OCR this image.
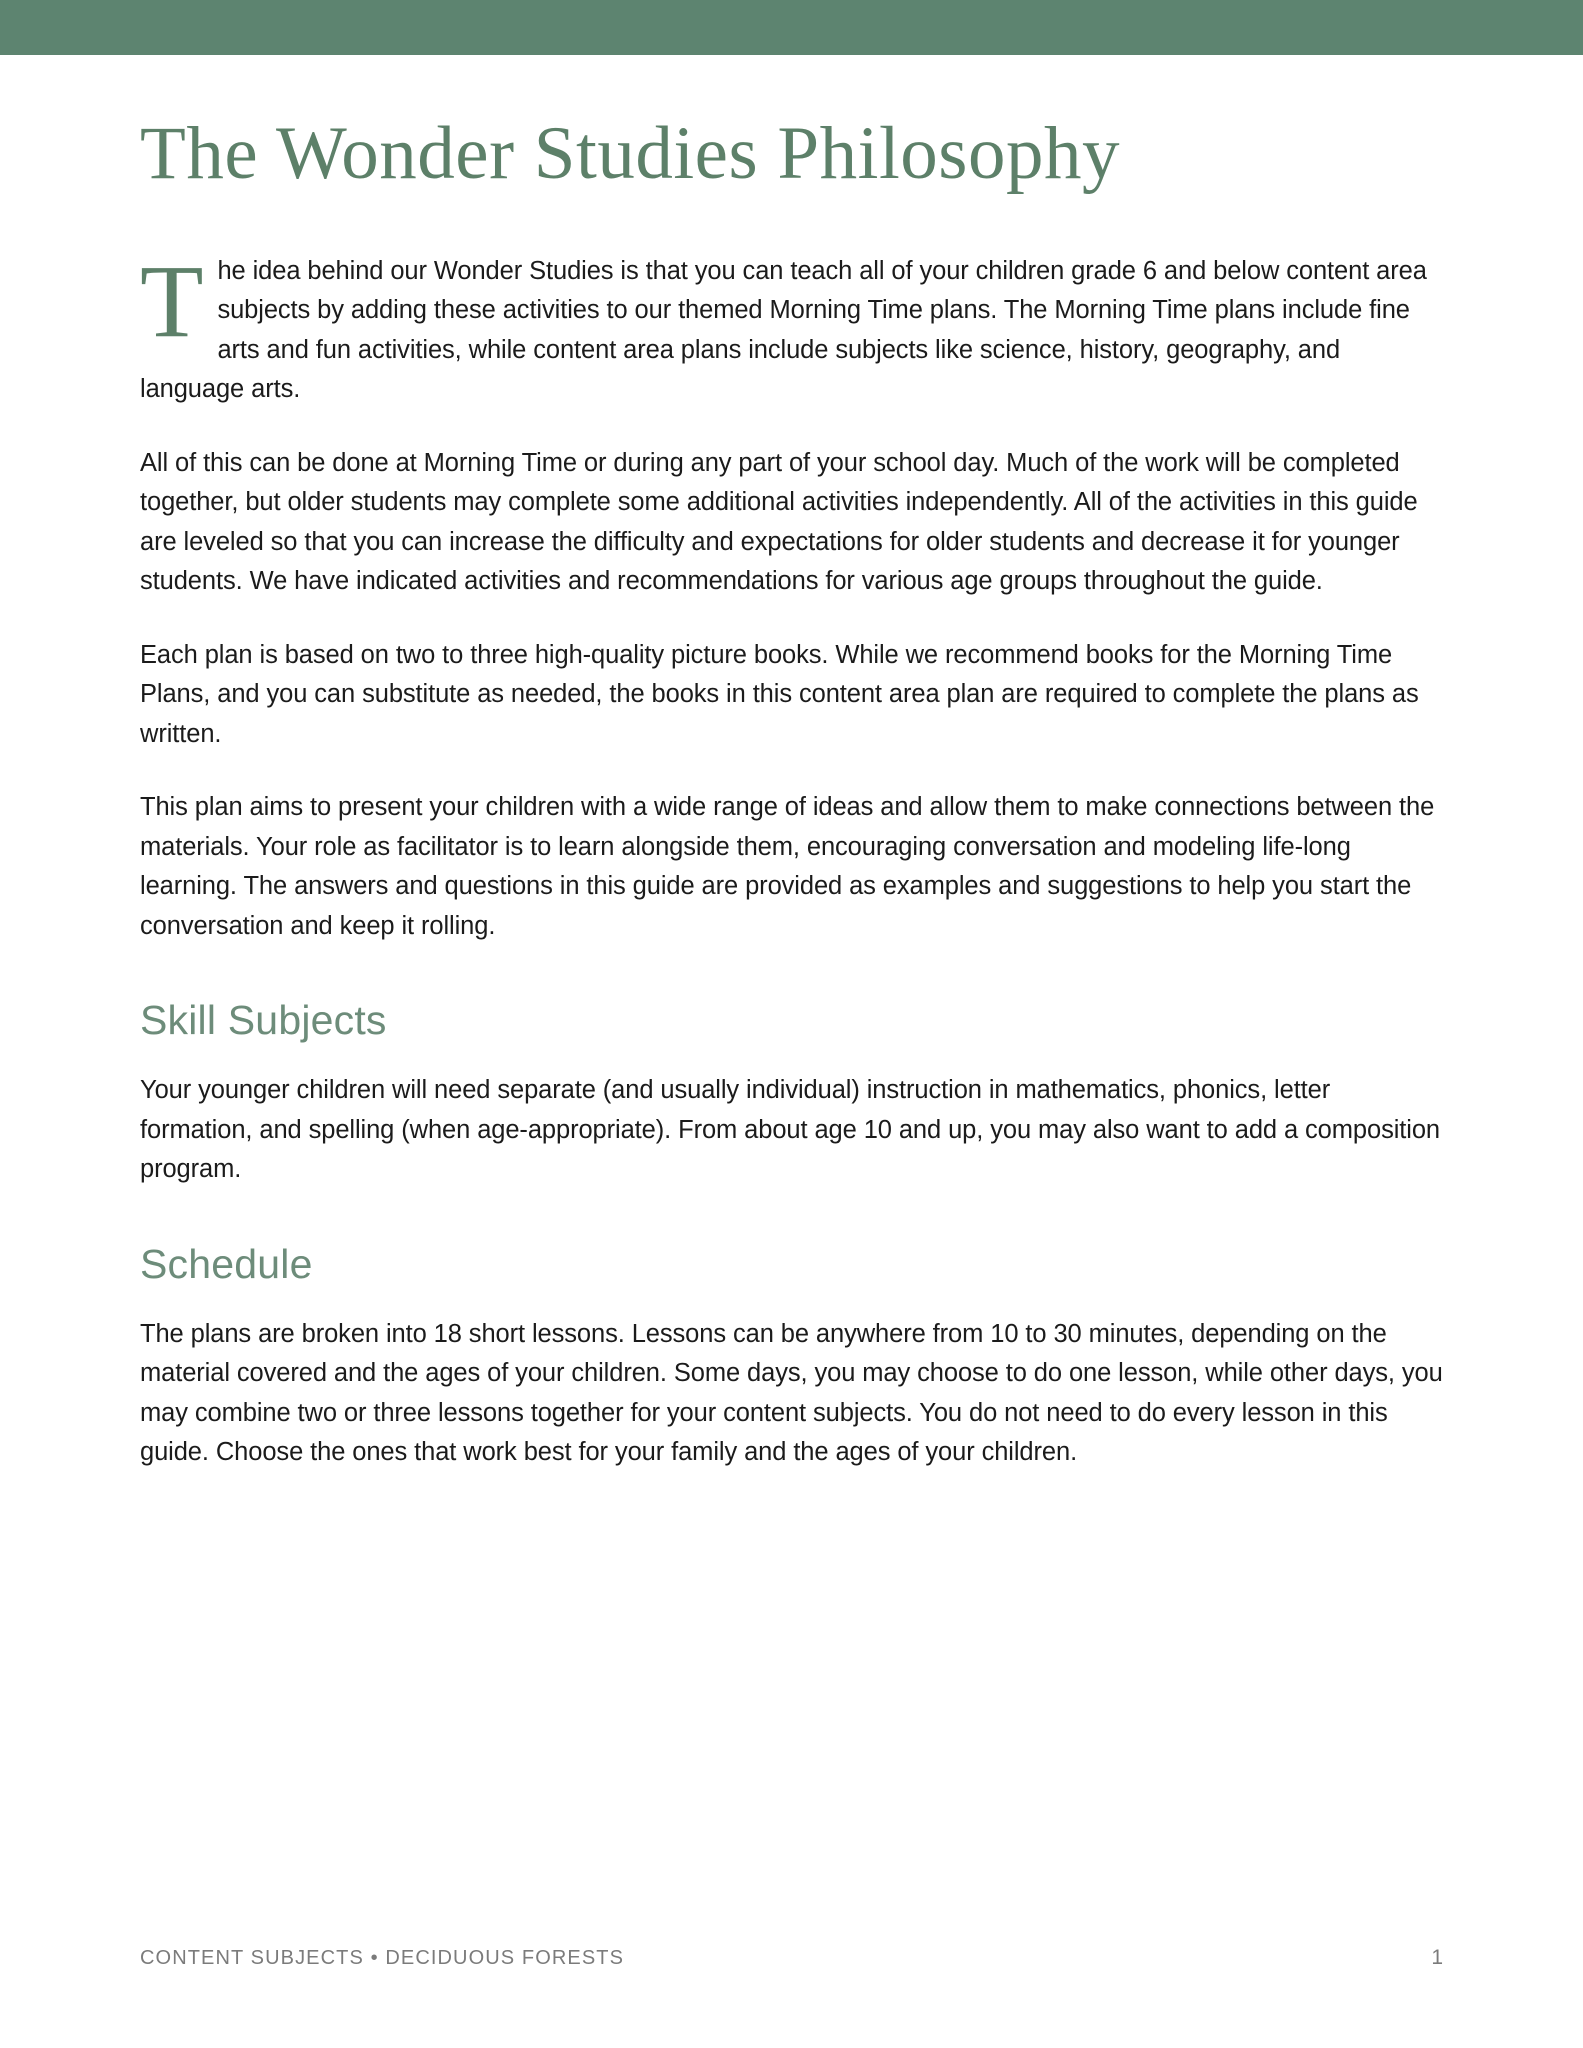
The Wonder Studies Philosophy

The idea behind our Wonder Studies is that you can teach all of your children grade 6 and below content area subjects by adding these activities to our themed Morning Time plans. The Morning Time plans include fine arts and fun activities, while content area plans include subjects like science, history, geography, and language arts.

All of this can be done at Morning Time or during any part of your school day. Much of the work will be completed together, but older students may complete some additional activities independently. All of the activities in this guide are leveled so that you can increase the difficulty and expectations for older students and decrease it for younger students. We have indicated activities and recommendations for various age groups throughout the guide.

Each plan is based on two to three high-quality picture books. While we recommend books for the Morning Time Plans, and you can substitute as needed, the books in this content area plan are required to complete the plans as written.

This plan aims to present your children with a wide range of ideas and allow them to make connections between the materials. Your role as facilitator is to learn alongside them, encouraging conversation and modeling life-long learning. The answers and questions in this guide are provided as examples and suggestions to help you start the conversation and keep it rolling.

Skill Subjects

Your younger children will need separate (and usually individual) instruction in mathematics, phonics, letter formation, and spelling (when age-appropriate). From about age 10 and up, you may also want to add a composition program.

Schedule

The plans are broken into 18 short lessons. Lessons can be anywhere from 10 to 30 minutes, depending on the material covered and the ages of your children. Some days, you may choose to do one lesson, while other days, you may combine two or three lessons together for your content subjects. You do not need to do every lesson in this guide. Choose the ones that work best for your family and the ages of your children.

CONTENT SUBJECTS • DECIDUOUS FORESTS	1
